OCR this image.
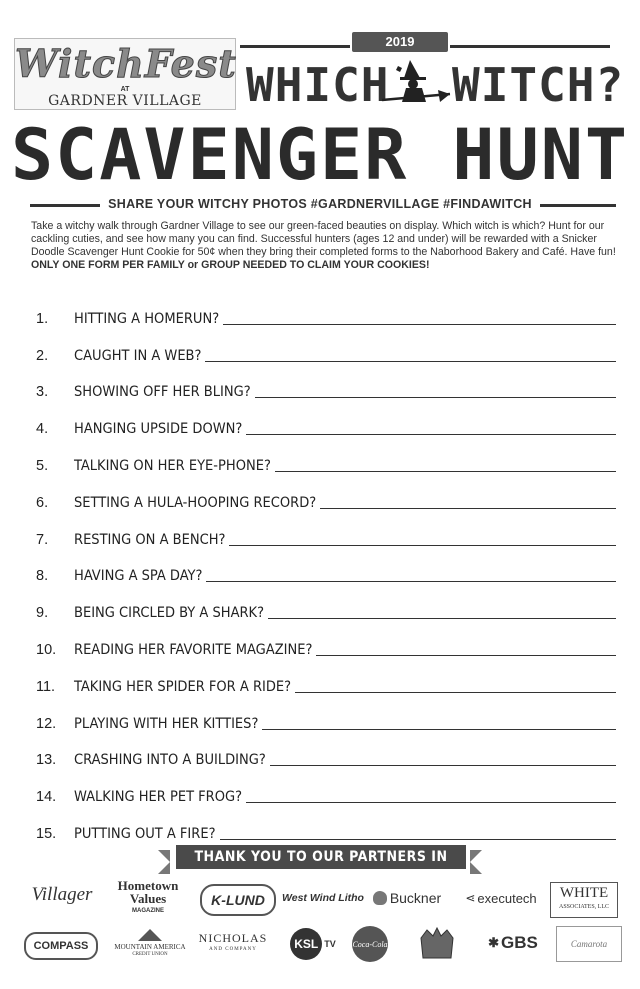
WitchFest
AT
GARDNER VILLAGE
2019
WHICH WITCH?
SCAVENGER HUNT
SHARE YOUR WITCHY PHOTOS #GARDNERVILLAGE #FINDAWITCH
Take a witchy walk through Gardner Village to see our green-faced beauties on display. Which witch is which? Hunt for our cackling cuties, and see how many you can find. Successful hunters (ages 12 and under) will be rewarded with a Snicker Doodle Scavenger Hunt Cookie for 50¢ when they bring their completed forms to the Naborhood Bakery and Café. Have fun! ONLY ONE FORM PER FAMILY or GROUP NEEDED TO CLAIM YOUR COOKIES!
1.	HITTING A HOMERUN?
2.	CAUGHT IN A WEB?
3.	SHOWING OFF HER BLING?
4.	HANGING UPSIDE DOWN?
5.	TALKING ON HER EYE-PHONE?
6.	SETTING A HULA-HOOPING RECORD?
7.	RESTING ON A BENCH?
8.	HAVING A SPA DAY?
9.	BEING CIRCLED BY A SHARK?
10.	READING HER FAVORITE MAGAZINE?
11.	TAKING HER SPIDER FOR A RIDE?
12.	PLAYING WITH HER KITTIES?
13.	CRASHING INTO A BUILDING?
14.	WALKING HER PET FROG?
15.	PUTTING OUT A FIRE?
THANK YOU TO OUR PARTNERS IN BUSINESS
Villager	Hometown Values
MAGAZINE
K-LUND West Wind Litho Buckner ⋖ executech WHITE
ASSOCIATES, LLC
COMPASS	MOUNTAIN AMERICA
CREDIT UNION
NICHOLAS
AND COMPANY	KSL TV Coca-Cola	✱ GBS	Camarota
